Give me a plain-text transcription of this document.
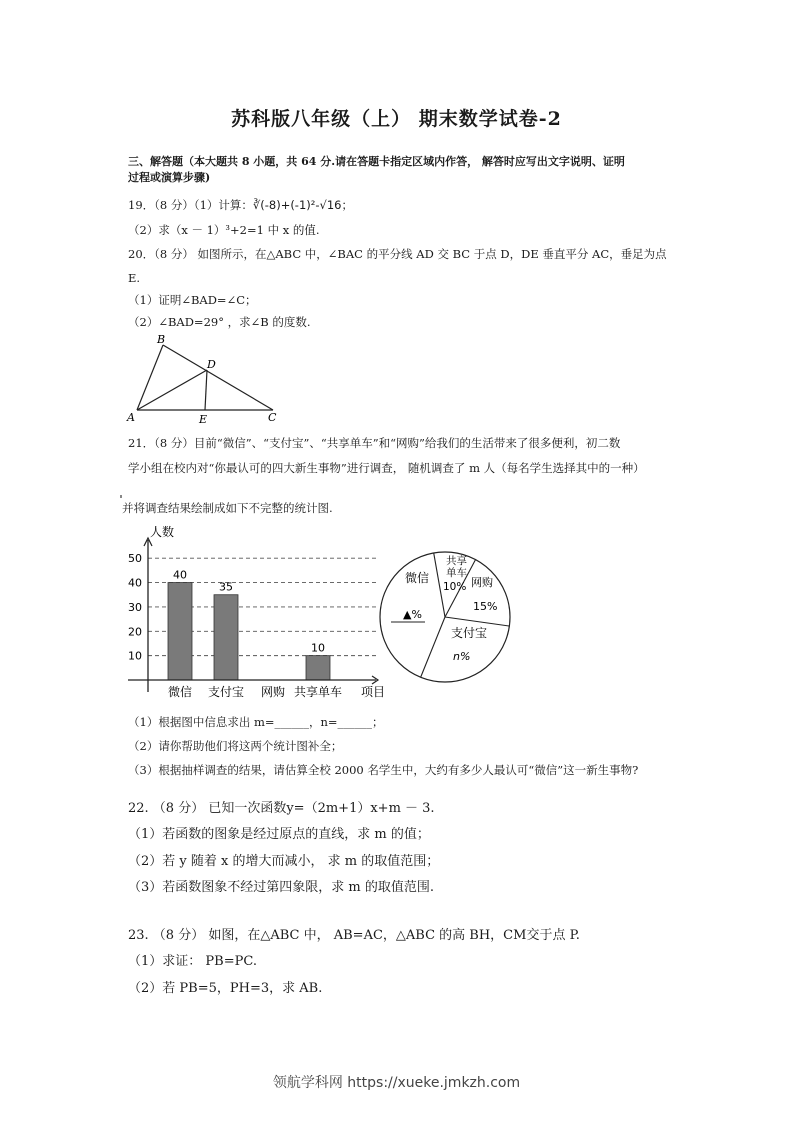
苏科版八年级（上） 期末数学试卷-2
三、解答题（本大题共 8 小题，共 64 分.请在答题卡指定区域内作答， 解答时应写出文字说明、证明
过程或演算步骤)
19．（8 分）（1）计算：∛(-8)+(-1)²-√16；
（2）求（x － 1）³+2=1 中 x 的值.
20．（8 分） 如图所示，在△ABC 中，∠BAC 的平分线 AD 交 BC 于点 D，DE 垂直平分 AC，垂足为点
E.
（1）证明∠BAD=∠C；
（2）∠BAD=29° ，求∠B 的度数.
A
B
C
D
E
21．（8 分）目前“微信”、“支付宝”、“共享单车”和“网购”给我们的生活带来了很多便利，初二数
学小组在校内对“你最认可的四大新生事物”进行调查， 随机调查了 m 人（每名学生选择其中的一种）
并将调查结果绘制成如下不完整的统计图.
人数
项目
10
20
30
40
50
微信 支付宝 网购 共享单车
40
35
10
微信
▲%
共享
单车
10% 网购
15%
支付宝
n%
（1）根据图中信息求出 m=______，n=______；
（2）请你帮助他们将这两个统计图补全；
（3）根据抽样调查的结果，请估算全校 2000 名学生中，大约有多少人最认可“微信”这一新生事物?
22. （8 分） 已知一次函数y=（2m+1）x+m － 3.
（1）若函数的图象是经过原点的直线，求 m 的值；
（2）若 y 随着 x 的增大而减小， 求 m 的取值范围；
（3）若函数图象不经过第四象限，求 m 的取值范围.
23. （8 分） 如图，在△ABC 中， AB=AC，△ABC 的高 BH，CM交于点 P.
（1）求证： PB=PC.
（2）若 PB=5，PH=3，求 AB.
领航学科网 https://xueke.jmkzh.com
